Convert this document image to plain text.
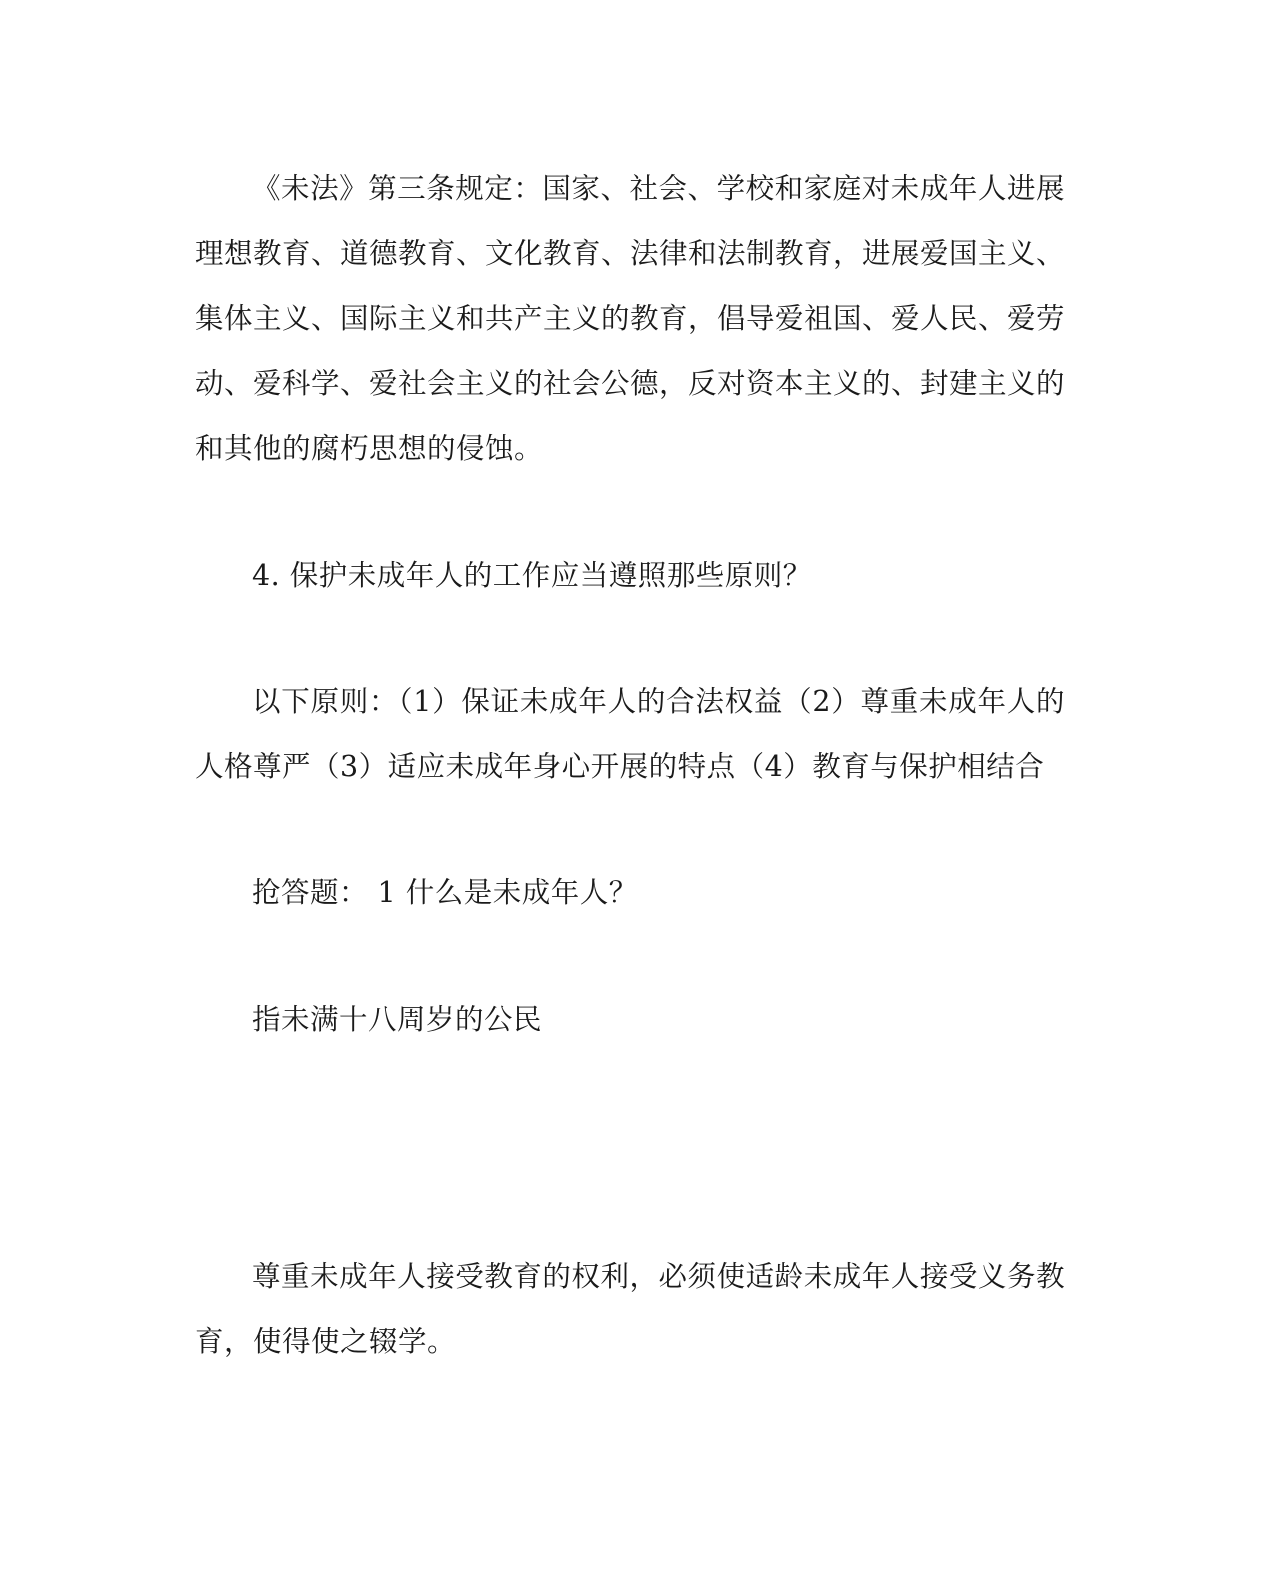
《未法》第三条规定：国家、社会、学校和家庭对未成年人进展理想教育、道德教育、文化教育、法律和法制教育，进展爱国主义、集体主义、国际主义和共产主义的教育，倡导爱祖国、爱人民、爱劳动、爱科学、爱社会主义的社会公德，反对资本主义的、封建主义的和其他的腐朽思想的侵蚀。

4. 保护未成年人的工作应当遵照那些原则？

以下原则：（1）保证未成年人的合法权益（2）尊重未成年人的人格尊严（3）适应未成年身心开展的特点（4）教育与保护相结合

抢答题： 1 什么是未成年人？

指未满十八周岁的公民

尊重未成年人接受教育的权利，必须使适龄未成年人接受义务教育，使得使之辍学。
